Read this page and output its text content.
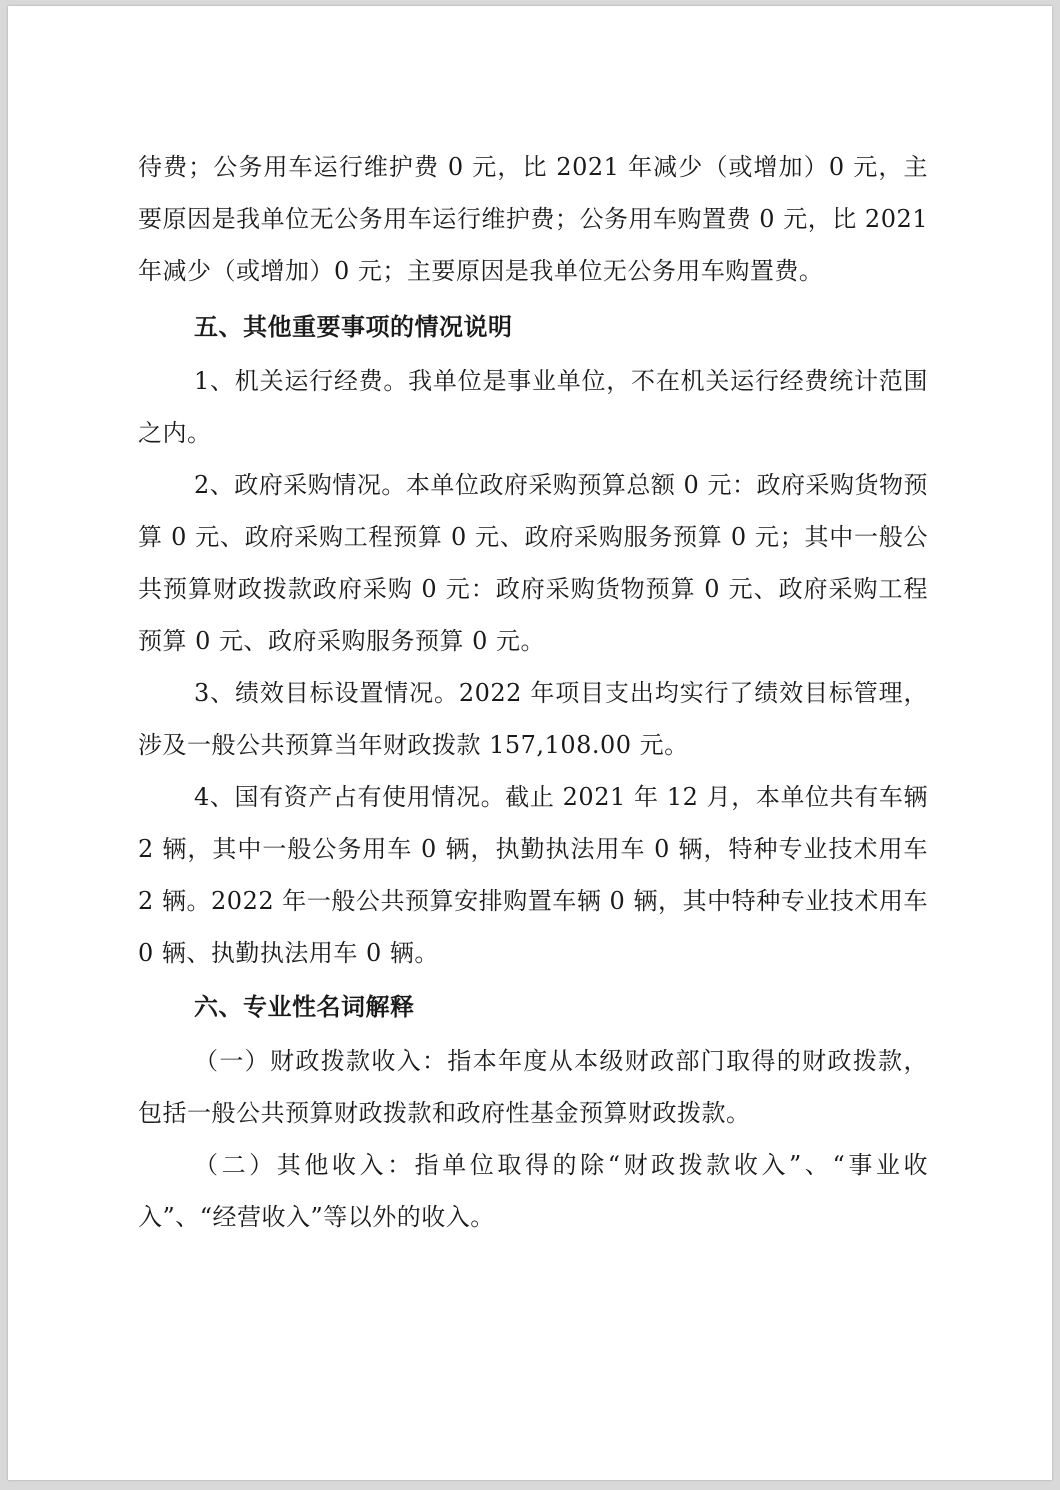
待费；公务用车运行维护费 0 元，比 2021 年减少（或增加）0 元，主要原因是我单位无公务用车运行维护费；公务用车购置费 0 元，比 2021 年减少（或增加）0 元；主要原因是我单位无公务用车购置费。

五、其他重要事项的情况说明

1、机关运行经费。我单位是事业单位，不在机关运行经费统计范围之内。

2、政府采购情况。本单位政府采购预算总额 0 元：政府采购货物预算 0 元、政府采购工程预算 0 元、政府采购服务预算 0 元；其中一般公共预算财政拨款政府采购 0 元：政府采购货物预算 0 元、政府采购工程预算 0 元、政府采购服务预算 0 元。

3、绩效目标设置情况。2022 年项目支出均实行了绩效目标管理，涉及一般公共预算当年财政拨款 157,108.00 元。

4、国有资产占有使用情况。截止 2021 年 12 月，本单位共有车辆 2 辆，其中一般公务用车 0 辆，执勤执法用车 0 辆，特种专业技术用车 2 辆。2022 年一般公共预算安排购置车辆 0 辆，其中特种专业技术用车 0 辆、执勤执法用车 0 辆。

六、专业性名词解释

（一）财政拨款收入：指本年度从本级财政部门取得的财政拨款，包括一般公共预算财政拨款和政府性基金预算财政拨款。

（二）其他收入：指单位取得的除“财政拨款收入”、“事业收入”、“经营收入”等以外的收入。
